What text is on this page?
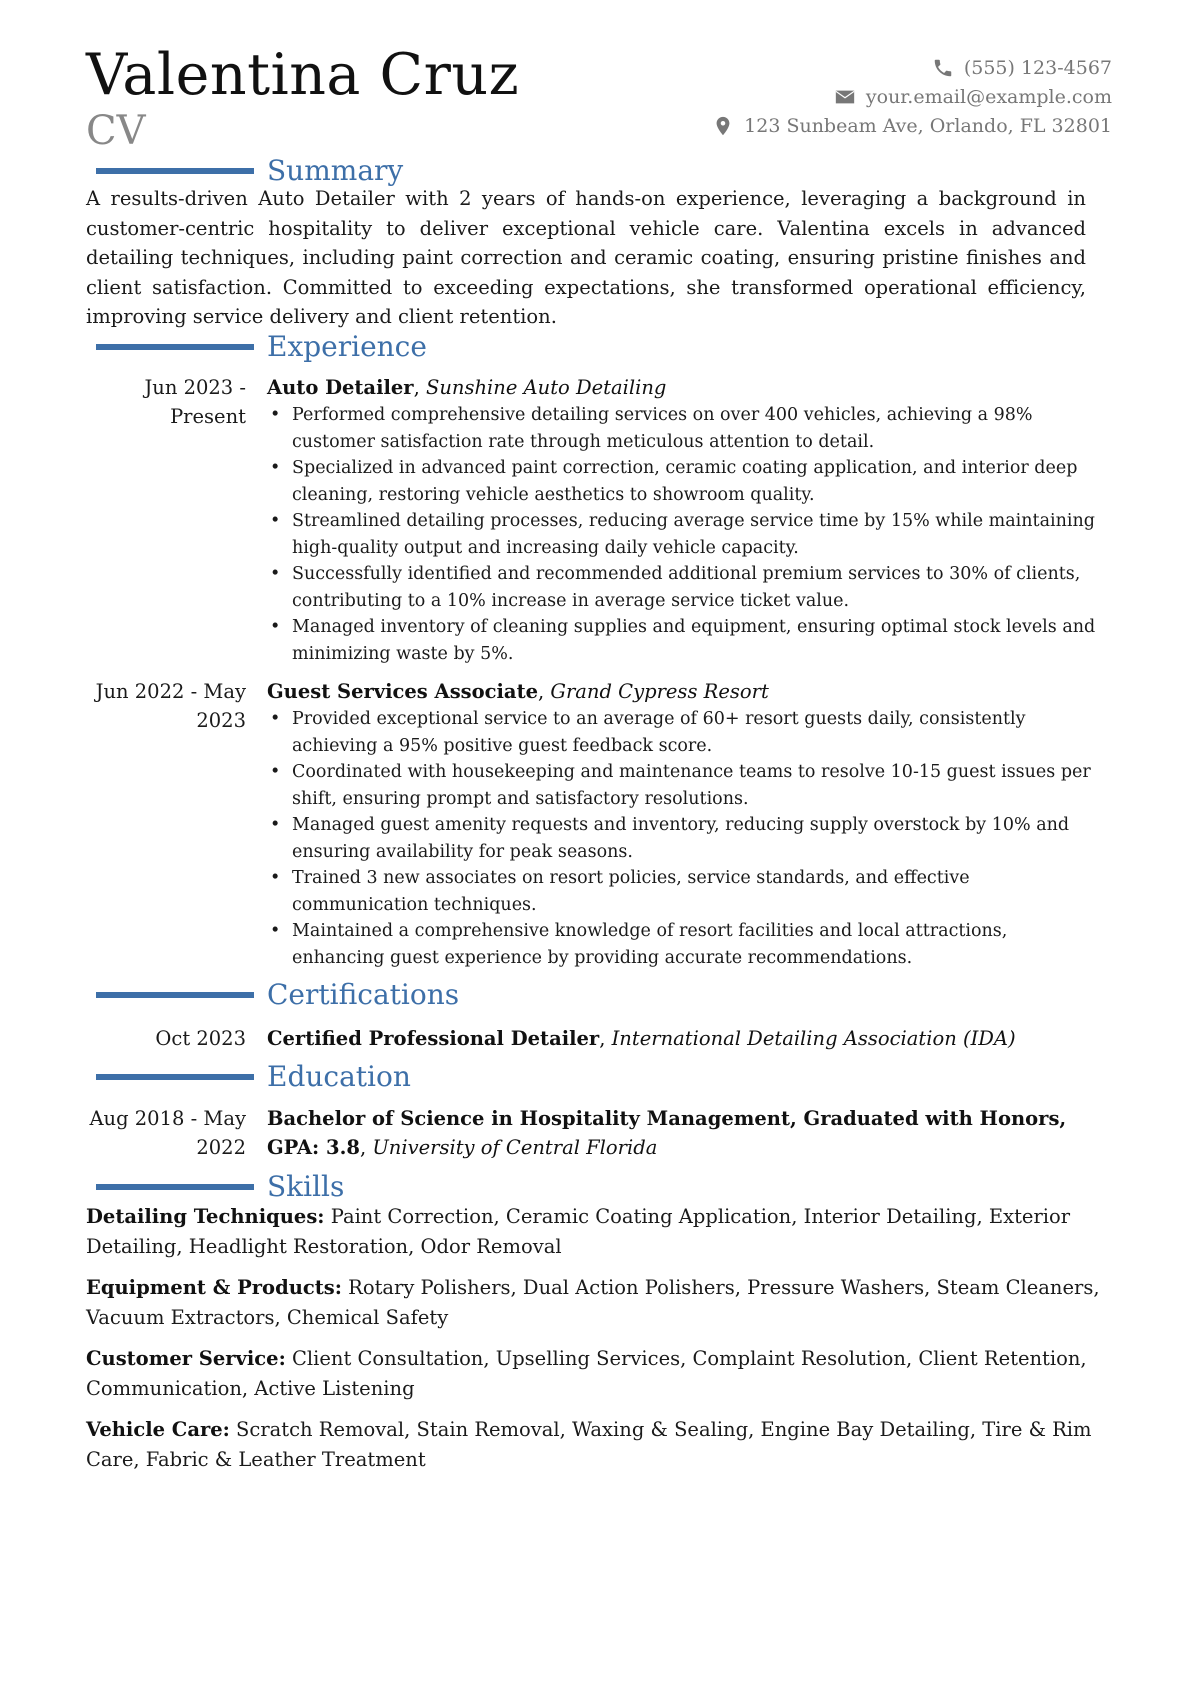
Valentina Cruz
CV
(555) 123-4567
your.email@example.com
123 Sunbeam Ave, Orlando, FL 32801
Summary
A results-driven Auto Detailer with 2 years of hands-on experience, leveraging a background in customer-centric hospitality to deliver exceptional vehicle care. Valentina excels in advanced detailing techniques, including paint correction and ceramic coating, ensuring pristine finishes and client satisfaction. Committed to exceeding expectations, she transformed operational efficiency, improving service delivery and client retention.
Experience
Jun 2023 - Present
Auto Detailer, Sunshine Auto Detailing
• Performed comprehensive detailing services on over 400 vehicles, achieving a 98% customer satisfaction rate through meticulous attention to detail.
• Specialized in advanced paint correction, ceramic coating application, and interior deep cleaning, restoring vehicle aesthetics to showroom quality.
• Streamlined detailing processes, reducing average service time by 15% while maintaining high-quality output and increasing daily vehicle capacity.
• Successfully identified and recommended additional premium services to 30% of clients, contributing to a 10% increase in average service ticket value.
• Managed inventory of cleaning supplies and equipment, ensuring optimal stock levels and minimizing waste by 5%.
Jun 2022 - May 2023
Guest Services Associate, Grand Cypress Resort
• Provided exceptional service to an average of 60+ resort guests daily, consistently achieving a 95% positive guest feedback score.
• Coordinated with housekeeping and maintenance teams to resolve 10-15 guest issues per shift, ensuring prompt and satisfactory resolutions.
• Managed guest amenity requests and inventory, reducing supply overstock by 10% and ensuring availability for peak seasons.
• Trained 3 new associates on resort policies, service standards, and effective communication techniques.
• Maintained a comprehensive knowledge of resort facilities and local attractions, enhancing guest experience by providing accurate recommendations.
Certifications
Oct 2023 Certified Professional Detailer, International Detailing Association (IDA)
Education
Aug 2018 - May 2022
Bachelor of Science in Hospitality Management, Graduated with Honors, GPA: 3.8, University of Central Florida
Skills
Detailing Techniques: Paint Correction, Ceramic Coating Application, Interior Detailing, Exterior Detailing, Headlight Restoration, Odor Removal
Equipment & Products: Rotary Polishers, Dual Action Polishers, Pressure Washers, Steam Cleaners, Vacuum Extractors, Chemical Safety
Customer Service: Client Consultation, Upselling Services, Complaint Resolution, Client Retention, Communication, Active Listening
Vehicle Care: Scratch Removal, Stain Removal, Waxing & Sealing, Engine Bay Detailing, Tire & Rim Care, Fabric & Leather Treatment
